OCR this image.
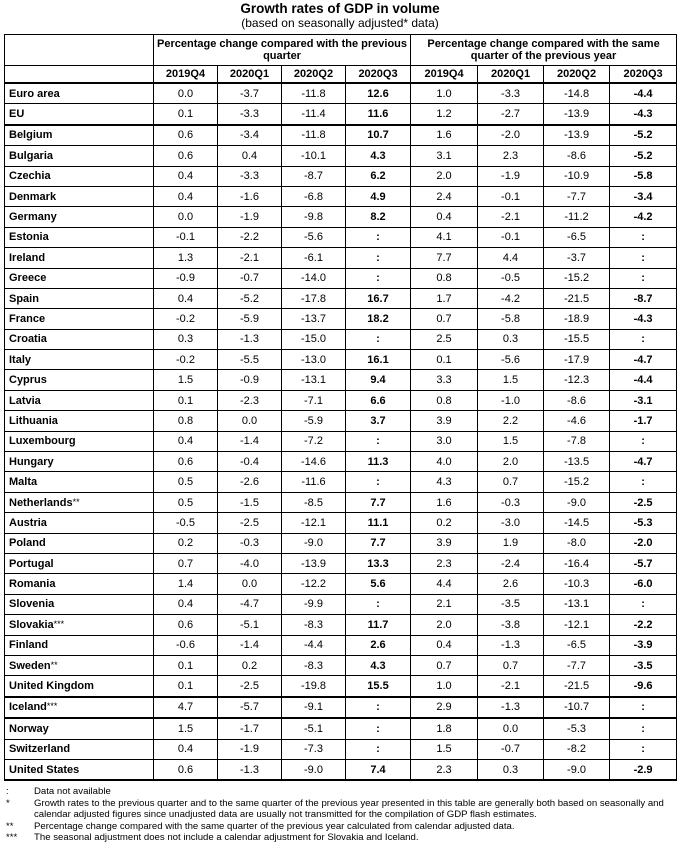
Growth rates of GDP in volume
(based on seasonally adjusted* data)
	Percentage change compared with the previous quarter				Percentage change compared with the same quarter of the previous year			
	2019Q4	2020Q1	2020Q2	2020Q3	2019Q4	2020Q1	2020Q2	2020Q3
Euro area	0.0	-3.7	-11.8	12.6	1.0	-3.3	-14.8	-4.4
EU	0.1	-3.3	-11.4	11.6	1.2	-2.7	-13.9	-4.3
Belgium	0.6	-3.4	-11.8	10.7	1.6	-2.0	-13.9	-5.2
Bulgaria	0.6	0.4	-10.1	4.3	3.1	2.3	-8.6	-5.2
Czechia	0.4	-3.3	-8.7	6.2	2.0	-1.9	-10.9	-5.8
Denmark	0.4	-1.6	-6.8	4.9	2.4	-0.1	-7.7	-3.4
Germany	0.0	-1.9	-9.8	8.2	0.4	-2.1	-11.2	-4.2
Estonia	-0.1	-2.2	-5.6	:	4.1	-0.1	-6.5	:
Ireland	1.3	-2.1	-6.1	:	7.7	4.4	-3.7	:
Greece	-0.9	-0.7	-14.0	:	0.8	-0.5	-15.2	:
Spain	0.4	-5.2	-17.8	16.7	1.7	-4.2	-21.5	-8.7
France	-0.2	-5.9	-13.7	18.2	0.7	-5.8	-18.9	-4.3
Croatia	0.3	-1.3	-15.0	:	2.5	0.3	-15.5	:
Italy	-0.2	-5.5	-13.0	16.1	0.1	-5.6	-17.9	-4.7
Cyprus	1.5	-0.9	-13.1	9.4	3.3	1.5	-12.3	-4.4
Latvia	0.1	-2.3	-7.1	6.6	0.8	-1.0	-8.6	-3.1
Lithuania	0.8	0.0	-5.9	3.7	3.9	2.2	-4.6	-1.7
Luxembourg	0.4	-1.4	-7.2	:	3.0	1.5	-7.8	:
Hungary	0.6	-0.4	-14.6	11.3	4.0	2.0	-13.5	-4.7
Malta	0.5	-2.6	-11.6	:	4.3	0.7	-15.2	:
Netherlands**	0.5	-1.5	-8.5	7.7	1.6	-0.3	-9.0	-2.5
Austria	-0.5	-2.5	-12.1	11.1	0.2	-3.0	-14.5	-5.3
Poland	0.2	-0.3	-9.0	7.7	3.9	1.9	-8.0	-2.0
Portugal	0.7	-4.0	-13.9	13.3	2.3	-2.4	-16.4	-5.7
Romania	1.4	0.0	-12.2	5.6	4.4	2.6	-10.3	-6.0
Slovenia	0.4	-4.7	-9.9	:	2.1	-3.5	-13.1	:
Slovakia***	0.6	-5.1	-8.3	11.7	2.0	-3.8	-12.1	-2.2
Finland	-0.6	-1.4	-4.4	2.6	0.4	-1.3	-6.5	-3.9
Sweden**	0.1	0.2	-8.3	4.3	0.7	0.7	-7.7	-3.5
United Kingdom	0.1	-2.5	-19.8	15.5	1.0	-2.1	-21.5	-9.6
Iceland***	4.7	-5.7	-9.1	:	2.9	-1.3	-10.7	:
Norway	1.5	-1.7	-5.1	:	1.8	0.0	-5.3	:
Switzerland	0.4	-1.9	-7.3	:	1.5	-0.7	-8.2	:
United States	0.6	-1.3	-9.0	7.4	2.3	0.3	-9.0	-2.9
:	Data not available
*	Growth rates to the previous quarter and to the same quarter of the previous year presented in this table are generally both based on seasonally and calendar adjusted figures since unadjusted data are usually not transmitted for the compilation of GDP flash estimates.
**	Percentage change compared with the same quarter of the previous year calculated from calendar adjusted data.
***	The seasonal adjustment does not include a calendar adjustment for Slovakia and Iceland.
